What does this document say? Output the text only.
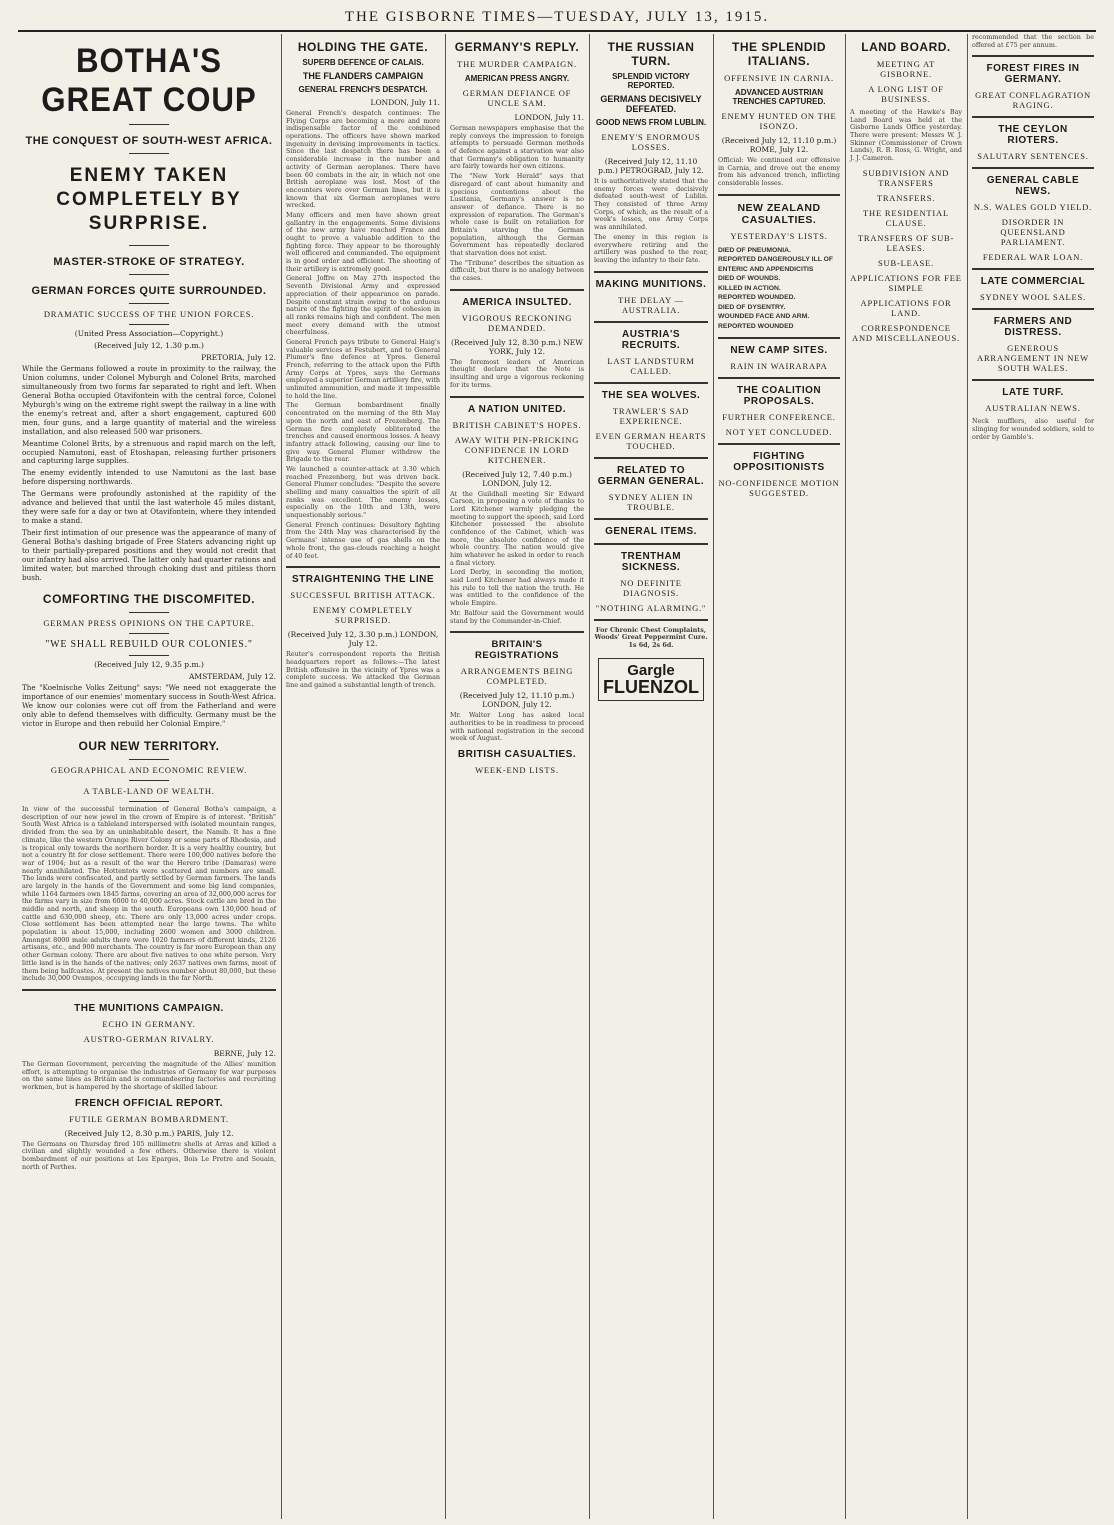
THE GISBORNE TIMES—TUESDAY, JULY 13, 1915.
BOTHA'S GREAT COUP
THE CONQUEST OF SOUTH-WEST AFRICA.
ENEMY TAKEN COMPLETELY BY SURPRISE.
MASTER-STROKE OF STRATEGY.
GERMAN FORCES QUITE SURROUNDED.
DRAMATIC SUCCESS OF THE UNION FORCES.
(United Press Association—Copyright.)
(Received July 12, 1.30 p.m.)
PRETORIA, July 12.

While the Germans followed a route in proximity to the railway, the Union columns, under Colonel Myburgh and Colonel Brits, marched simultaneously from two forms far separated to right and left. When General Botha occupied Otavifontein with the central force, Colonel Myburgh's wing on the extreme right swept the railway in a line with the enemy's retreat and, after a short engagement, captured 600 men, four guns, and a large quantity of material and the wireless installation, and also released 500 war prisoners.

Meantime Colonel Brits, by a strenuous and rapid march on the left, occupied Namutoni, east of Etoshapan, releasing further prisoners and capturing large supplies.

The enemy evidently intended to use Namutoni as the last base before dispersing northwards.

The Germans were profoundly astonished at the rapidity of the advance and believed that until the last waterhole 45 miles distant, they were safe for a day or two at Otavifontein, where they intended to make a stand.

Their first intimation of our presence was the appearance of many of General Botha's dashing brigade of Free Staters advancing right up to their partially-prepared positions and they would not credit that our infantry had also arrived. The latter only had quarter rations and limited water, but marched through choking dust and pitiless thorn bush.

COMFORTING THE DISCOMFITED.
GERMAN PRESS OPINIONS ON THE CAPTURE.
"WE SHALL REBUILD OUR COLONIES."
(Received July 12, 9.35 p.m.)
AMSTERDAM, July 12.

The "Koelnische Volks Zeitung" says: "We need not exaggerate the importance of our enemies' momentary success in South-West Africa. We know our colonies were cut off from the Fatherland and were only able to defend themselves with difficulty. Germany must be the victor in Europe and then rebuild her Colonial Empire."

OUR NEW TERRITORY.
GEOGRAPHICAL AND ECONOMIC REVIEW.
A TABLE-LAND OF WEALTH.

In view of the successful termination of General Botha's campaign, a description of our new jewel in the crown of Empire is of interest. "British" South West Africa is a tableland interspersed with isolated mountain ranges, divided from the sea by an uninhabitable desert, the Namib. It has a fine climate, like the western Orange River Colony or some parts of Rhodesia, and is tropical only towards the northern border. It is a very healthy country, but not a country fit for close settlement. There were 100,000 natives before the war of 1904; but as a result of the war the Herero tribe (Damaras) were nearly annihilated. The Hottentots were scattered and numbers are small. The lands were confiscated, and partly settled by German farmers. The lands are largely in the hands of the Government and some big land companies, while 1164 farmers own 1845 farms, covering an area of 32,000,000 acres for the farms vary in size from 6000 to 40,000 acres. Stock cattle are bred in the middle and north, and sheep in the south. Europeans own 130,000 head of cattle and 630,000 sheep, etc. There are only 13,000 acres under crops. Close settlement has been attempted near the large towns. The white population is about 15,000, including 2600 women and 3000 children. Amongst 8000 male adults there were 1020 farmers of different kinds, 2126 artisans, etc., and 900 merchants. The country is far more European than any other German colony. There are about five natives to one white person. Very little land is in the hands of the natives; only 2637 natives own farms, most of them being halfcastes. At present the natives number about 80,000, but these include 30,000 Ovampos, occupying lands in the far North.

THE MUNITIONS CAMPAIGN.
ECHO IN GERMANY.
AUSTRO-GERMAN RIVALRY.
BERNE, July 12.

The German Government, perceiving the magnitude of the Allies' munition effort, is attempting to organise the industries of Germany for war purposes on the same lines as Britain and is commandeering factories and recruiting workmen, but is hampered by the shortage of skilled labour.

FRENCH OFFICIAL REPORT.
FUTILE GERMAN BOMBARDMENT.
(Received July 12, 8.30 p.m.) PARIS, July 12.

The Germans on Thursday fired 105 millimetre shells at Arras and killed a civilian and slightly wounded a few others. Otherwise there is violent bombardment of our positions at Les Eparges, Bois Le Pretre and Souain, north of Perthes.

HOLDING THE GATE.
SUPERB DEFENCE OF CALAIS.
THE FLANDERS CAMPAIGN
GENERAL FRENCH'S DESPATCH.
LONDON, July 11.

General French's despatch continues: The Flying Corps are becoming a more and more indispensable factor of the combined operations. The officers have shown marked ingenuity in devising improvements in tactics. Since the last despatch there has been a considerable increase in the number and activity of German aeroplanes. There have been 60 combats in the air, in which not one British aeroplane was lost. Most of the encounters were over German lines, but it is known that six German aeroplanes were wrecked.

Many officers and men have shown great gallantry in the engagements. Some divisions of the new army have reached France and ought to prove a valuable addition to the fighting force. They appear to be thoroughly well officered and commanded. The equipment is in good order and efficient. The shooting of their artillery is extremely good.

General Joffre on May 27th inspected the Seventh Divisional Army and expressed appreciation of their appearance on parade. Despite constant strain owing to the arduous nature of the fighting the spirit of cohesion in all ranks remains high and confident. The men meet every demand with the utmost cheerfulness.

General French pays tribute to General Haig's valuable services at Festubert, and to General Plumer's fine defence at Ypres. General French, referring to the attack upon the Fifth Army Corps at Ypres, says the Germans employed a superior German artillery fire, with unlimited ammunition, and made it impossible to hold the line.

The German bombardment finally concentrated on the morning of the 8th May upon the north and east of Frezenberg. The German fire completely obliterated the trenches and caused enormous losses. A heavy infantry attack following, causing our line to give way. General Plumer withdrew the Brigade to the rear.

We launched a counter-attack at 3.30 which reached Frezenberg, but was driven back. General Plumer concludes: "Despite the severe shelling and many casualties the spirit of all ranks was excellent. The enemy losses, especially on the 10th and 13th, were unquestionably serious."

General French continues: Desultory fighting from the 24th May was characterised by the Germans' intense use of gas shells on the whole front, the gas-clouds reaching a height of 40 feet.

STRAIGHTENING THE LINE
SUCCESSFUL BRITISH ATTACK.
ENEMY COMPLETELY SURPRISED.
(Received July 12, 3.30 p.m.) LONDON, July 12.

Reuter's correspondent reports the British headquarters report as follows:—The latest British offensive in the vicinity of Ypres was a complete success. We attacked the German line and gained a substantial length of trench.

GERMANY'S REPLY.
THE MURDER CAMPAIGN.
AMERICAN PRESS ANGRY.
GERMAN DEFIANCE OF UNCLE SAM.
LONDON, July 11.

German newspapers emphasise that the reply conveys the impression to foreign attempts to persuade German methods of defence against a starvation war also that Germany's obligation to humanity are fairly towards her own citizens.

The "New York Herald" says that disregard of cant about humanity and specious contentions about the Lusitania, Germany's answer is no answer of defiance. There is no expression of reparation. The German's whole case is built on retaliation for Britain's starving the German population, although the German Government has repeatedly declared that starvation does not exist.

The "Tribune" describes the situation as difficult, but there is no analogy between the cases.

AMERICA INSULTED.
VIGOROUS RECKONING DEMANDED.
(Received July 12, 8.30 p.m.) NEW YORK, July 12.

The foremost leaders of American thought declare that the Note is insulting and urge a vigorous reckoning for its terms.

A NATION UNITED.
BRITISH CABINET'S HOPES.
AWAY WITH PIN-PRICKING CONFIDENCE IN LORD KITCHENER.
(Received July 12, 7.40 p.m.) LONDON, July 12.

At the Guildhall meeting Sir Edward Carson, in proposing a vote of thanks to Lord Kitchener warmly pledging the meeting to support the speech, said Lord Kitchener possessed the absolute confidence of the Cabinet, which was more, the absolute confidence of the whole country. The nation would give him whatever he asked in order to reach a final victory.

Lord Derby, in seconding the motion, said Lord Kitchener had always made it his rule to tell the nation the truth. He was entitled to the confidence of the whole Empire.

Mr. Balfour said the Government would stand by the Commander-in-Chief.

BRITAIN'S REGISTRATIONS
ARRANGEMENTS BEING COMPLETED.
(Received July 12, 11.10 p.m.) LONDON, July 12.

Mr. Walter Long has asked local authorities to be in readiness to proceed with national registration in the second week of August.

BRITISH CASUALTIES.
WEEK-END LISTS.
THE RUSSIAN TURN.
SPLENDID VICTORY REPORTED.
GERMANS DECISIVELY DEFEATED.
GOOD NEWS FROM LUBLIN.
ENEMY'S ENORMOUS LOSSES.
(Received July 12, 11.10 p.m.) PETROGRAD, July 12.

It is authoritatively stated that the enemy forces were decisively defeated south-west of Lublin. They consisted of three Army Corps, of which, as the result of a week's losses, one Army Corps was annihilated.

The enemy in this region is everywhere retiring and the artillery was pushed to the rear, leaving the infantry to their fate.

MAKING MUNITIONS.
THE DELAY — AUSTRALIA.
AUSTRIA'S RECRUITS.
LAST LANDSTURM CALLED.
THE SEA WOLVES.
TRAWLER'S SAD EXPERIENCE.
EVEN GERMAN HEARTS TOUCHED.
RELATED TO GERMAN GENERAL.
SYDNEY ALIEN IN TROUBLE.
GENERAL ITEMS.
TRENTHAM SICKNESS.
NO DEFINITE DIAGNOSIS.
"NOTHING ALARMING."

For Chronic Chest Complaints, Woods' Great Peppermint Cure. 1s 6d, 2s 6d.

Gargle
FLUENZOL
THE SPLENDID ITALIANS.
OFFENSIVE IN CARNIA.
ADVANCED AUSTRIAN TRENCHES CAPTURED.
ENEMY HUNTED ON THE ISONZO.
(Received July 12, 11.10 p.m.) ROME, July 12.

Official: We continued our offensive in Carnia, and drove out the enemy from his advanced trench, inflicting considerable losses.

NEW ZEALAND CASUALTIES.
YESTERDAY'S LISTS.
DIED OF PNEUMONIA.
REPORTED DANGEROUSLY ILL OF ENTERIC AND APPENDICITIS
DIED OF WOUNDS.
KILLED IN ACTION.
REPORTED WOUNDED.
DIED OF DYSENTRY.
WOUNDED FACE AND ARM.
REPORTED WOUNDED
NEW CAMP SITES.
RAIN IN WAIRARAPA
THE COALITION PROPOSALS.
FURTHER CONFERENCE.
NOT YET CONCLUDED.
FIGHTING OPPOSITIONISTS
NO-CONFIDENCE MOTION SUGGESTED.
LAND BOARD.
MEETING AT GISBORNE.
A LONG LIST OF BUSINESS.

A meeting of the Hawke's Bay Land Board was held at the Gisborne Lands Office yesterday. There were present: Messrs W. J. Skinner (Commissioner of Crown Lands), R. B. Ross, G. Wright, and J. J. Cameron.

SUBDIVISION AND TRANSFERS
TRANSFERS.
THE RESIDENTIAL CLAUSE.
TRANSFERS OF SUB-LEASES.
SUB-LEASE.
APPLICATIONS FOR FEE SIMPLE
APPLICATIONS FOR LAND.
CORRESPONDENCE AND MISCELLANEOUS.

recommended that the section be offered at £75 per annum.

FOREST FIRES IN GERMANY.
GREAT CONFLAGRATION RAGING.
THE CEYLON RIOTERS.
SALUTARY SENTENCES.
GENERAL CABLE NEWS.
N.S. WALES GOLD YIELD.
DISORDER IN QUEENSLAND PARLIAMENT.
FEDERAL WAR LOAN.
LATE COMMERCIAL
SYDNEY WOOL SALES.
FARMERS AND DISTRESS.
GENEROUS ARRANGEMENT IN NEW SOUTH WALES.
LATE TURF.
AUSTRALIAN NEWS.

Neck mufflers, also useful for slinging for wounded soldiers, sold to order by Gamble's.
